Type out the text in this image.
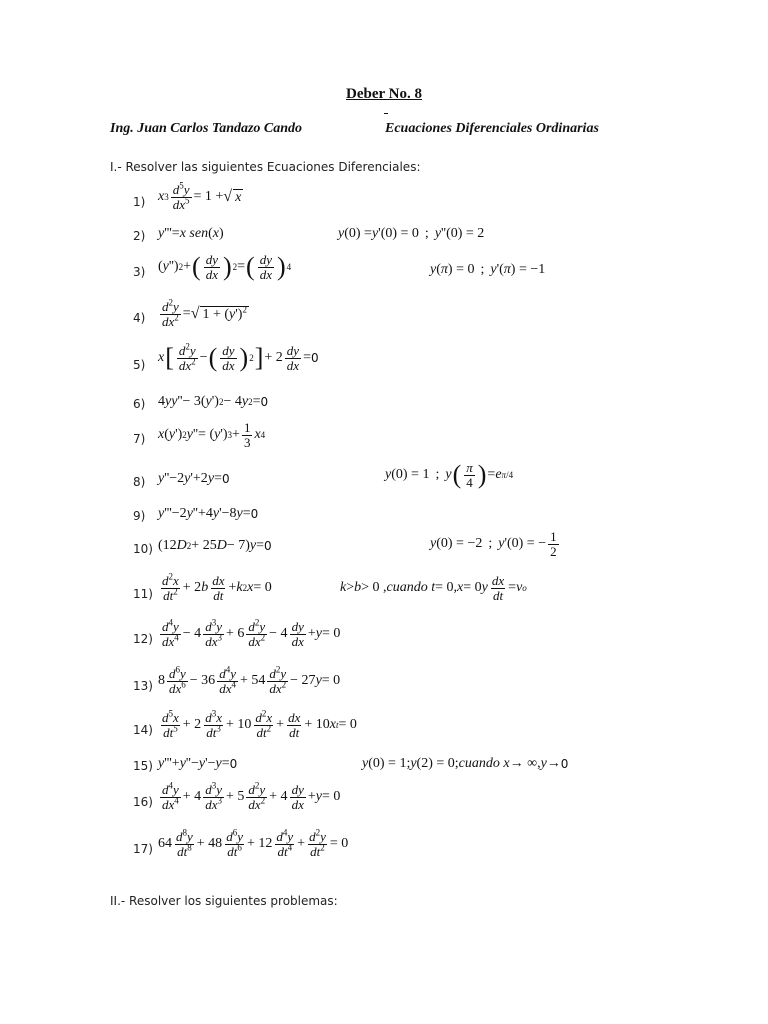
Deber No. 8
Ing. Juan Carlos Tandazo Cando	Ecuaciones Diferenciales Ordinarias
I.- Resolver las siguientes Ecuaciones Diferenciales:
1) x $3 \frac{d^5y}{dx^5} = 1$ + √ x
2) y '''= x sen ( x )	y (0) = y '(0) = 0
; y ''(0) = 2
3) ( y '') 2 + ( $\frac{dy}{dx}$ ) 2 = ( $\frac{dy}{dx}$ ) 4	y ( π ) = 0
; y '( π ) = −1
4)	$\frac{d^2y}{dx^2}$ = √ $1 + (y')^2$
5) x [ $\frac{d^2y}{dx^2}$ − ( $\frac{dy}{dx}$ ) 2 ] + $2 \frac{dy}{dx} = 0$
6) 4 yy ''− 3( y ') 2 − 4 y 2 = 0
7) x ( y ') 2 y ''= ( y ') $3 + \frac{1}{3}$ x 4
8) y ''−2 y '+2 y = 0	y (0) = 1
; y ( $\frac{\pi}{4}$ ) = e π/4
9) y '''−2 y ''+4 y '−8 y = 0
10) (12 D 2 + 25 D − 7) y = 0	y (0) = −2
; y '(0) = − $\frac{1}{2}$
$11) \frac{d^2x}{dt^2} + 2$ b $\frac{dx}{dt} + k$ 2 x = 0	k > b > 0 , cuando t = 0, x = 0 y $\frac{dx}{dt} = v$ o
$12) \frac{d^4y}{dx^4} - 4 \frac{d^3y}{dx^3} + 6 \frac{d^2y}{dx^2} - 4 \frac{dy}{dx} + y = 0$
13) $8 \frac{d^6y}{dx^6} - 36 \frac{d^4y}{dx^4} + 54 \frac{d^2y}{dx^2} - 27$ y = 0
$14) \frac{d^5x}{dt^5} + 2 \frac{d^3x}{dt^3} + 10 \frac{d^2x}{dt^2} + \frac{dx}{dt} + 10$ x t = 0
15) y '''+ y ''− y '− y = 0	y (0) = 1; y (2) = 0; cuando x → ∞, y → 0
$16) \frac{d^4y}{dx^4} + 4 \frac{d^3y}{dx^3} + 5 \frac{d^2y}{dx^2} + 4 \frac{dy}{dx} + y = 0$
17) $64 \frac{d^8y}{dt^8} + 48 \frac{d^6y}{dt^6} + 12 \frac{d^4y}{dt^4} + \frac{d^2y}{dt^2} = 0$
II.- Resolver los siguientes problemas:
